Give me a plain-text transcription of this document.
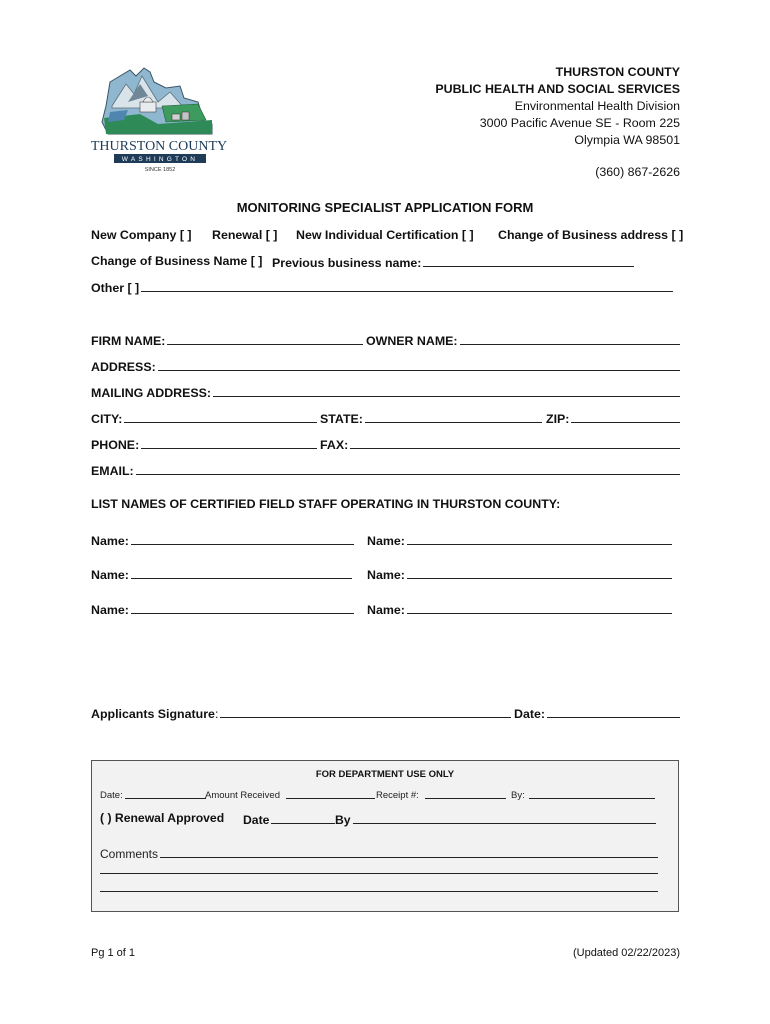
THURSTON COUNTY
WASHINGTON
SINCE 1852
THURSTON COUNTY
PUBLIC HEALTH AND SOCIAL SERVICES
Environmental Health Division
3000 Pacific Avenue SE - Room 225
Olympia WA 98501
(360) 867-2626
MONITORING SPECIALIST APPLICATION FORM
New Company [ ] Renewal [ ] New Individual Certification [ ] Change of Business address [ ]
Change of Business Name [ ] Previous business name:
Other [ ]
FIRM NAME:	OWNER NAME:
ADDRESS:
MAILING ADDRESS:
CITY:	STATE:	ZIP:
PHONE:	FAX:
EMAIL:
LIST NAMES OF CERTIFIED FIELD STAFF OPERATING IN THURSTON COUNTY:
Name:	Name:
Name:	Name:
Name:	Name:
Applicants Signature:	Date:
FOR DEPARTMENT USE ONLY
Date:	Amount Received	Receipt #:	By:
( ) Renewal Approved Date	By
Comments
Pg 1 of 1	(Updated 02/22/2023)
